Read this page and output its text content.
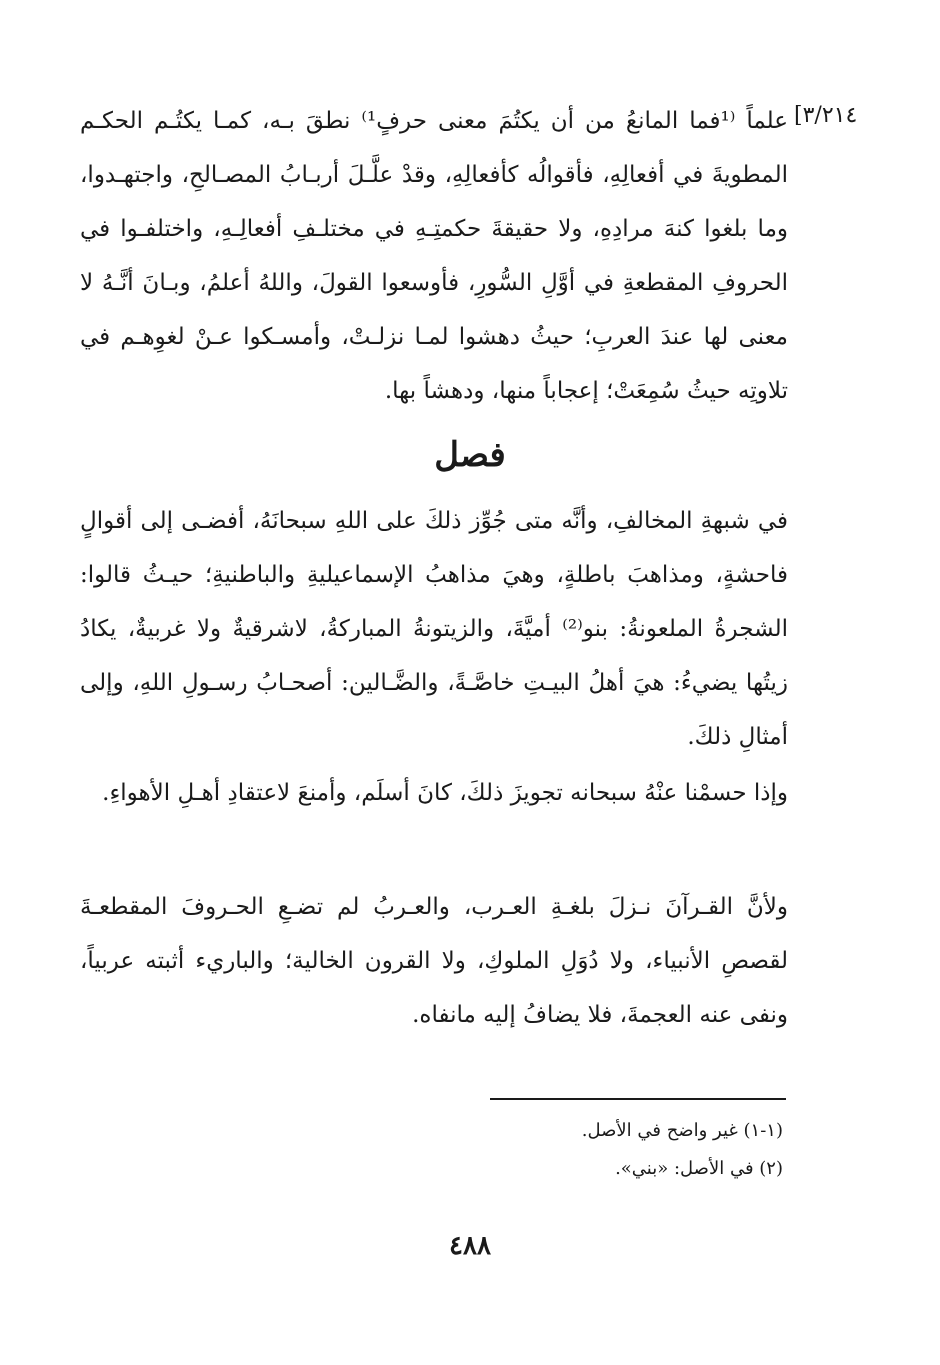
[٣/٢١٤

علماً ⁽¹فما المانعُ من أن يكتُمَ معنى حرفٍ¹⁾ نطقَ بـه، كمـا يكتُـم الحكـم المطويةَ في أفعالِهِ، فأقوالُه كأفعالِهِ، وقدْ علَّـلَ أربـابُ المصـالحِ، واجتهـدوا، وما بلغوا كنهَ مرادِهِ، ولا حقيقةَ حكمتِـهِ في مختلـفِ أفعالِـهِ، واختلفـوا في الحروفِ المقطعةِ في أوَّلِ السُّورِ، فأوسعوا القولَ، واللهُ أعلمُ، وبـانَ أنَّـهُ لا معنى لها عندَ العربِ؛ حيثُ دهشوا لمـا نزلـتْ، وأمسـكوا عـنْ لغوِهـم في تلاوتِه حيثُ سُمِعَتْ؛ إعجاباً منها، ودهشاً بها.

فصل

في شبهةِ المخالفِ، وأنَّه متى جُوِّز ذلكَ على اللهِ سبحانَهُ، أفضـى إلى أقوالٍ فاحشةٍ، ومذاهبَ باطلةٍ، وهيَ مذاهبُ الإسماعيليةِ والباطنيةِ؛ حيـثُ قالوا: الشجرةُ الملعونةُ: بنو⁽²⁾ أميَّةَ، والزيتونةُ المباركةُ، لاشرقيةٌ ولا غربيةٌ، يكادُ زيتُها يضيءُ: هيَ أهلُ البيـتِ خاصَّـةً، والضَّـالين: أصحـابُ رسـولِ اللهِ، وإلى أمثالِ ذلكَ.

وإذا حسمْنا عنْهُ سبحانه تجويزَ ذلكَ، كانَ أسلَم، وأمنعَ لاعتقادِ أهـلِ الأهواءِ.

ولأنَّ القـرآنَ نـزلَ بلغـةِ العـرب، والعـربُ لم تضـعِ الحـروفَ المقطعـةَ لقصصِ الأنبياء، ولا دُوَلِ الملوكِ، ولا القرون الخالية؛ والباريء أثبته عربياً، ونفى عنه العجمةَ، فلا يضافُ إليه مانفاه.

(١-١) غير واضح في الأصل.
(٢) في الأصل: «بني».
٤٨٨
